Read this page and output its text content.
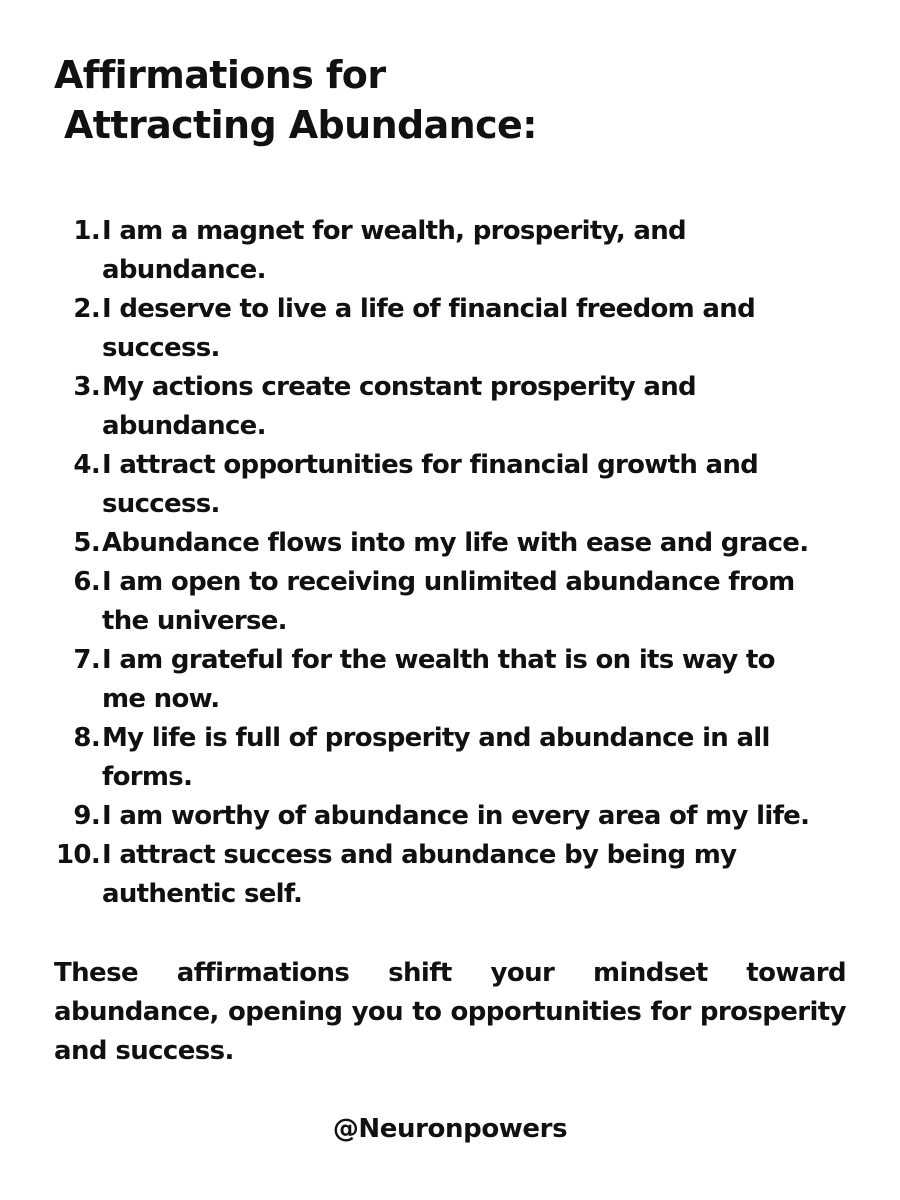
Affirmations for
Attracting Abundance:
1. I am a magnet for wealth, prosperity, and
abundance.
2. I deserve to live a life of financial freedom and
success.
3. My actions create constant prosperity and
abundance.
4. I attract opportunities for financial growth and
success.
5. Abundance flows into my life with ease and grace.
6. I am open to receiving unlimited abundance from
the universe.
7. I am grateful for the wealth that is on its way to
me now.
8. My life is full of prosperity and abundance in all
forms.
9. I am worthy of abundance in every area of my life.
10. I attract success and abundance by being my
authentic self.

These affirmations shift your mindset toward abundance, opening you to opportunities for prosperity and success.

@Neuronpowers
